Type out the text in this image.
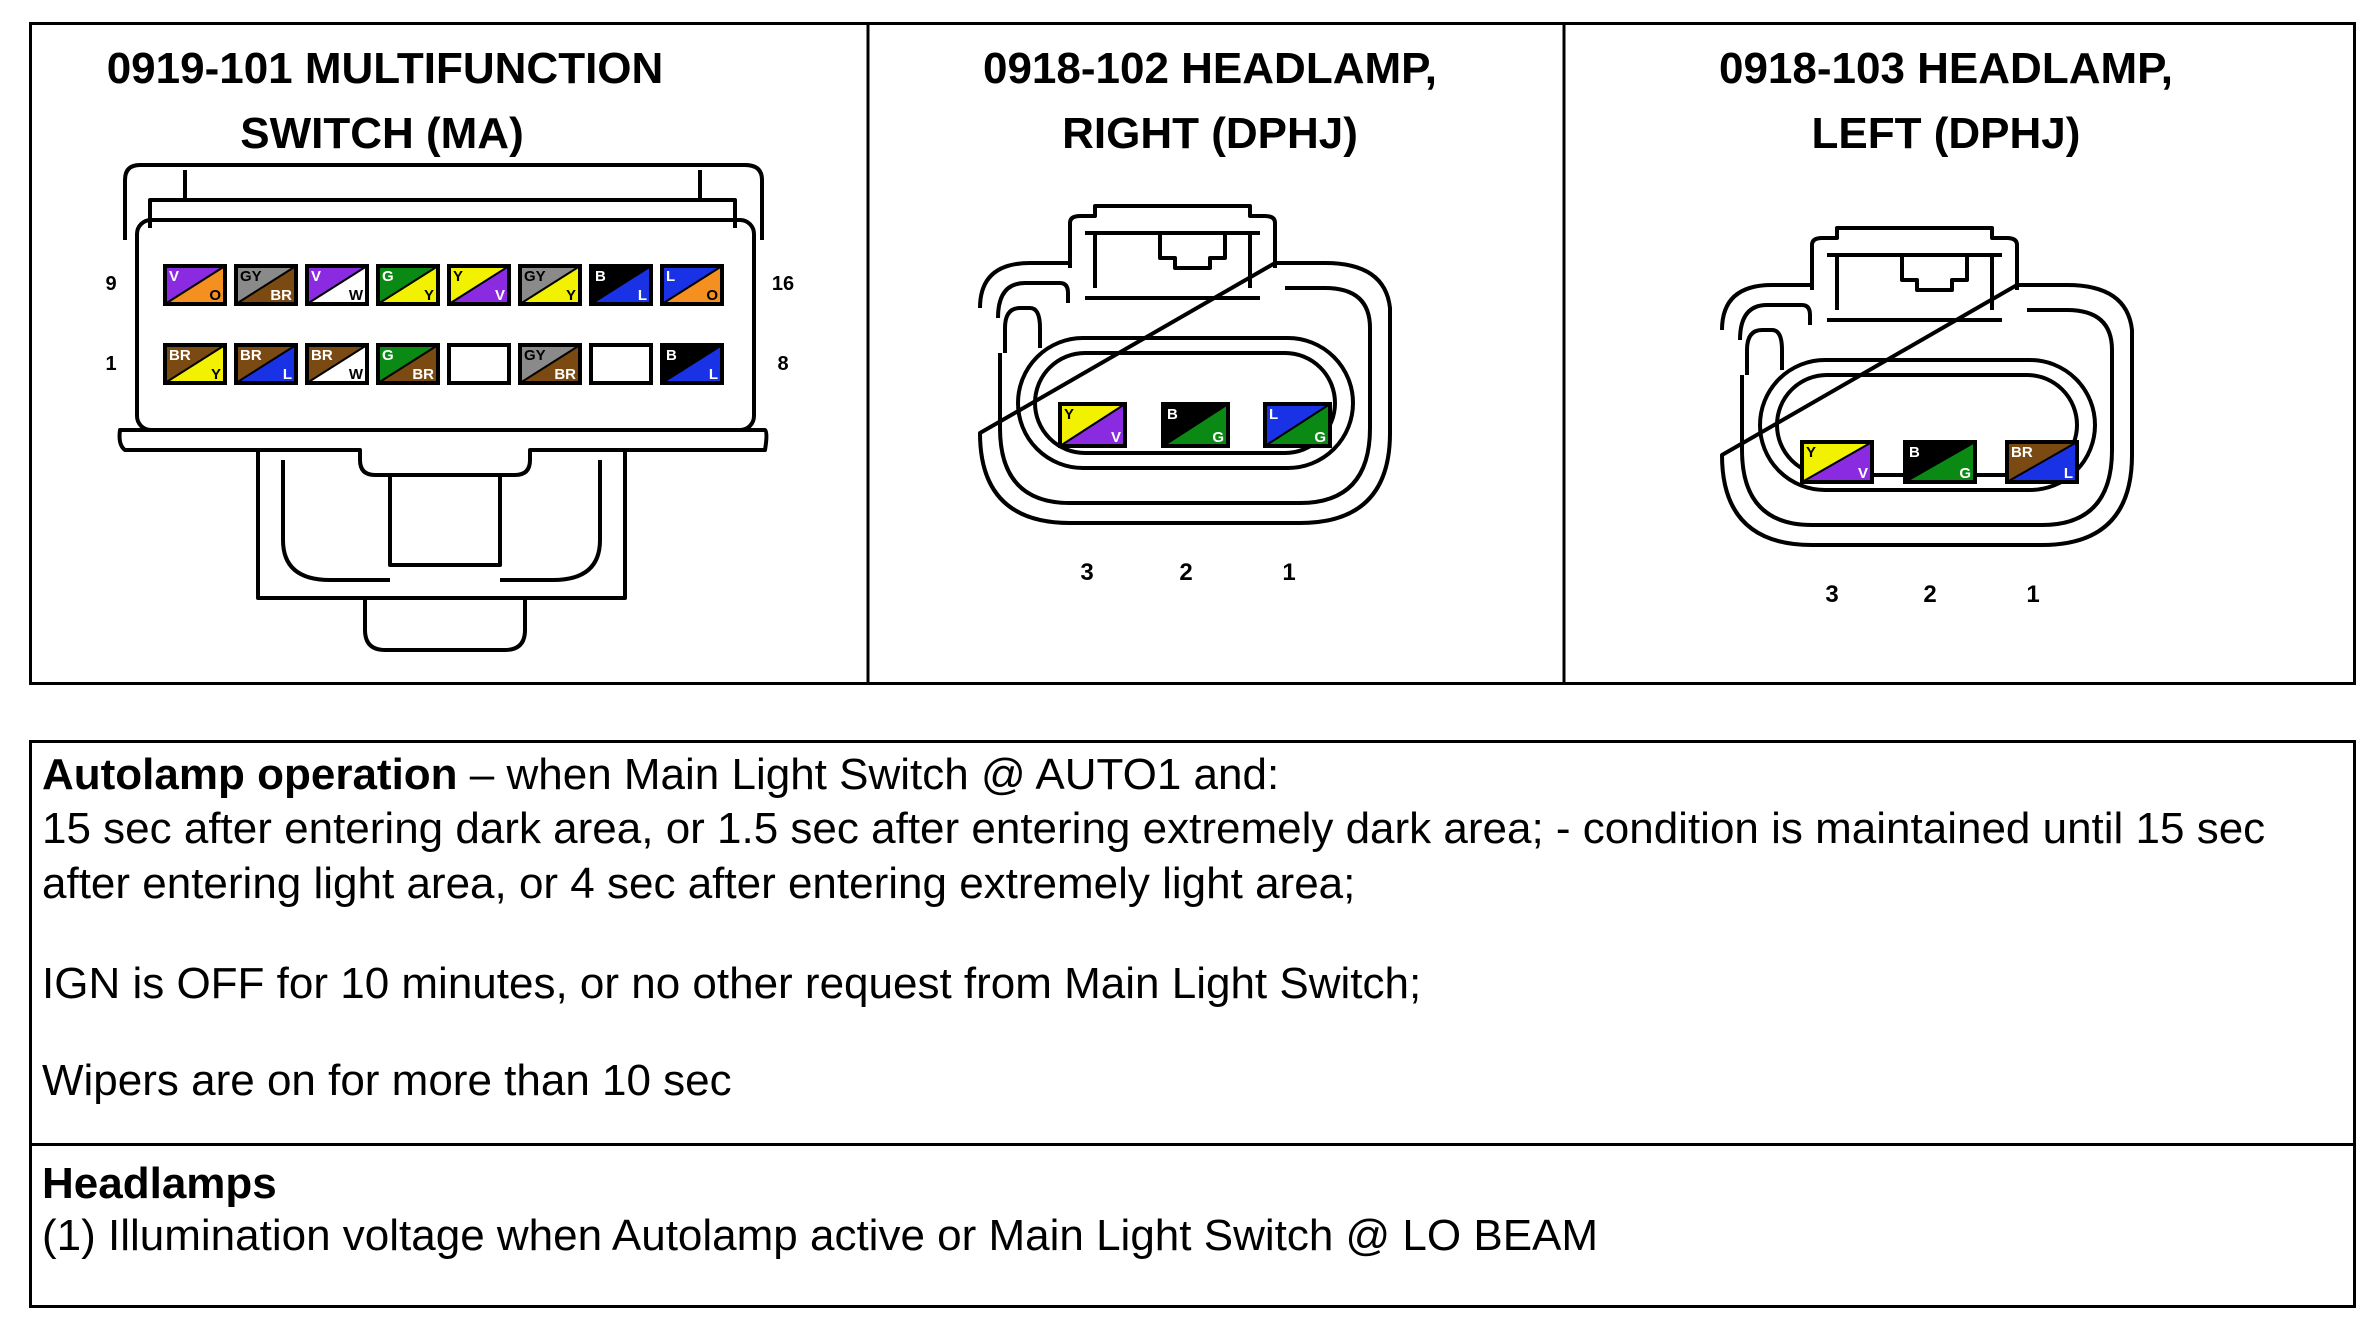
0919-101 MULTIFUNCTION
SWITCH (MA)
9	16
1	8
V
O
GY
BR
V
W
G
Y
Y
V
GY
Y
B
L
L
O
BR
Y
BR
L
BR
W
G
BR
GY
BR
B
L
0918-102 HEADLAMP,
RIGHT (DPHJ)
Y
V
B
G
L
G
3	2	1
0918-103 HEADLAMP,
LEFT (DPHJ)
Y
V
B
G
BR
L
3	2	1

Autolamp operation – when Main Light Switch @ AUTO1 and:

15 sec after entering dark area, or 1.5 sec after entering extremely dark area; - condition is maintained until 15 sec after entering light area, or 4 sec after entering extremely light area;

IGN is OFF for 10 minutes, or no other request from Main Light Switch;

Wipers are on for more than 10 sec

Headlamps

(1) Illumination voltage when Autolamp active or Main Light Switch @ LO BEAM
